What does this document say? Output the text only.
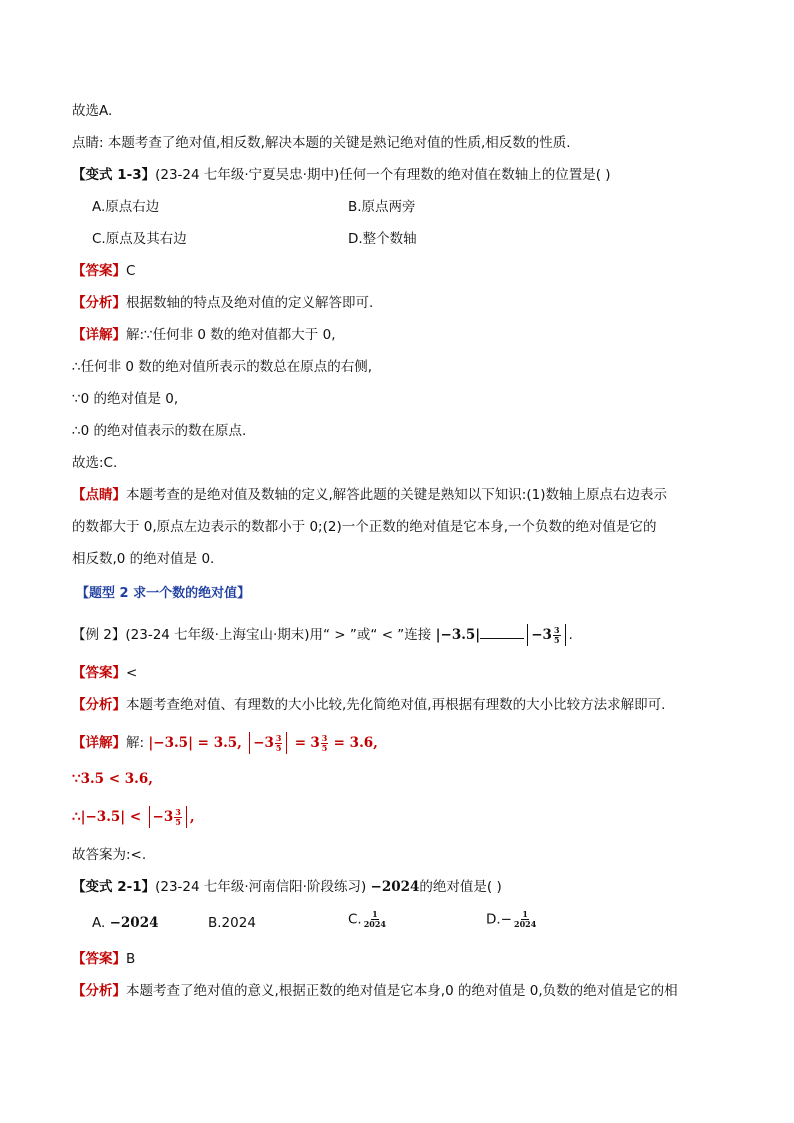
故选A.
点睛: 本题考查了绝对值,相反数,解决本题的关键是熟记绝对值的性质,相反数的性质.
【变式 1-3】(23-24 七年级·宁夏吴忠·期中)任何一个有理数的绝对值在数轴上的位置是( )
A.原点右边	B.原点两旁
C.原点及其右边	D.整个数轴
【答案】C
【分析】根据数轴的特点及绝对值的定义解答即可.
【详解】解:∵任何非 0 数的绝对值都大于 0,
∴任何非 0 数的绝对值所表示的数总在原点的右侧,
∵0 的绝对值是 0,
∴0 的绝对值表示的数在原点.
故选:C.
【点睛】本题考查的是绝对值及数轴的定义,解答此题的关键是熟知以下知识:(1)数轴上原点右边表示
的数都大于 0,原点左边表示的数都小于 0;(2)一个正数的绝对值是它本身,一个负数的绝对值是它的
相反数,0 的绝对值是 0.
【题型 2 求一个数的绝对值】
【例 2】(23-24 七年级·上海宝山·期末)用“ > ”或“ < ”连接 |−3.5|	$-3 \frac{3}{5}$ .
【答案】<
【分析】本题考查绝对值、有理数的大小比较,先化简绝对值,再根据有理数的大小比较方法求解即可.
【详解】解: |−3.5| = 3.5, $-3 \frac{3}{5} = 3 \frac{3}{5} = 3.6$,
∵3.5 < 3.6,
∴|−3.5| < $-3 \frac{3}{5}$ ,
故答案为:<.
【变式 2-1】(23-24 七年级·河南信阳·阶段练习) −2024的绝对值是( )
A. −2024	B.2024	C. $\frac{1}{2024}$	$D.- \frac{1}{2024}$
【答案】B
【分析】本题考查了绝对值的意义,根据正数的绝对值是它本身,0 的绝对值是 0,负数的绝对值是它的相
